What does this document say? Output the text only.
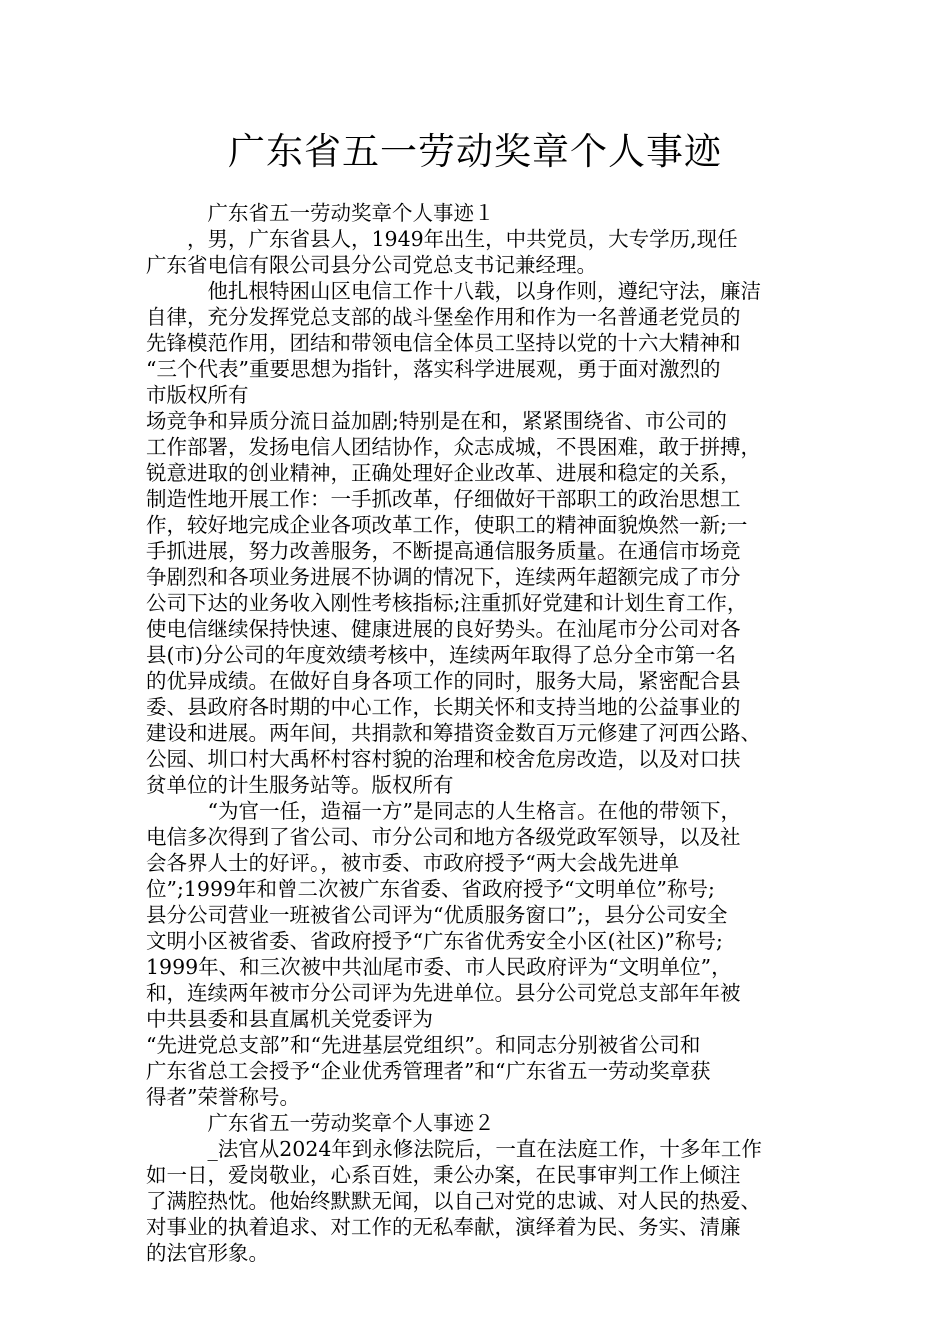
广东省五一劳动奖章个人事迹
　　　广东省五一劳动奖章个人事迹１
　　，男，广东省县人，1949年出生，中共党员，大专学历,现任
广东省电信有限公司县分公司党总支书记兼经理。
　　　他扎根特困山区电信工作十八载，以身作则，遵纪守法，廉洁
自律，充分发挥党总支部的战斗堡垒作用和作为一名普通老党员的
先锋模范作用，团结和带领电信全体员工坚持以党的十六大精神和
“三个代表”重要思想为指针，落实科学进展观，勇于面对激烈的
市版权所有
场竞争和异质分流日益加剧;特别是在和，紧紧围绕省、市公司的
工作部署，发扬电信人团结协作，众志成城，不畏困难，敢于拼搏，
锐意进取的创业精神，正确处理好企业改革、进展和稳定的关系，
制造性地开展工作：一手抓改革，仔细做好干部职工的政治思想工
作，较好地完成企业各项改革工作，使职工的精神面貌焕然一新;一
手抓进展，努力改善服务，不断提高通信服务质量。在通信市场竞
争剧烈和各项业务进展不协调的情况下，连续两年超额完成了市分
公司下达的业务收入刚性考核指标;注重抓好党建和计划生育工作，
使电信继续保持快速、健康进展的良好势头。在汕尾市分公司对各
县(市)分公司的年度效绩考核中，连续两年取得了总分全市第一名
的优异成绩。在做好自身各项工作的同时，服务大局，紧密配合县
委、县政府各时期的中心工作，长期关怀和支持当地的公益事业的
建设和进展。两年间，共捐款和筹措资金数百万元修建了河西公路、
公园、圳口村大禹杯村容村貌的治理和校舍危房改造，以及对口扶
贫单位的计生服务站等。版权所有
　　　“为官一任，造福一方”是同志的人生格言。在他的带领下，
电信多次得到了省公司、市分公司和地方各级党政军领导，以及社
会各界人士的好评。，被市委、市政府授予“两大会战先进单
位”;1999年和曾二次被广东省委、省政府授予“文明单位”称号;
县分公司营业一班被省公司评为“优质服务窗口”;，县分公司安全
文明小区被省委、省政府授予“广东省优秀安全小区(社区)”称号;
1999年、和三次被中共汕尾市委、市人民政府评为“文明单位”，
和，连续两年被市分公司评为先进单位。县分公司党总支部年年被
中共县委和县直属机关党委评为
“先进党总支部”和“先进基层党组织”。和同志分别被省公司和
广东省总工会授予“企业优秀管理者”和“广东省五一劳动奖章获
得者”荣誉称号。
　　　广东省五一劳动奖章个人事迹２
　　　_法官从2024年到永修法院后，一直在法庭工作，十多年工作
如一日，爱岗敬业，心系百姓，秉公办案，在民事审判工作上倾注
了满腔热忱。他始终默默无闻，以自己对党的忠诚、对人民的热爱、
对事业的执着追求、对工作的无私奉献，演绎着为民、务实、清廉
的法官形象。
